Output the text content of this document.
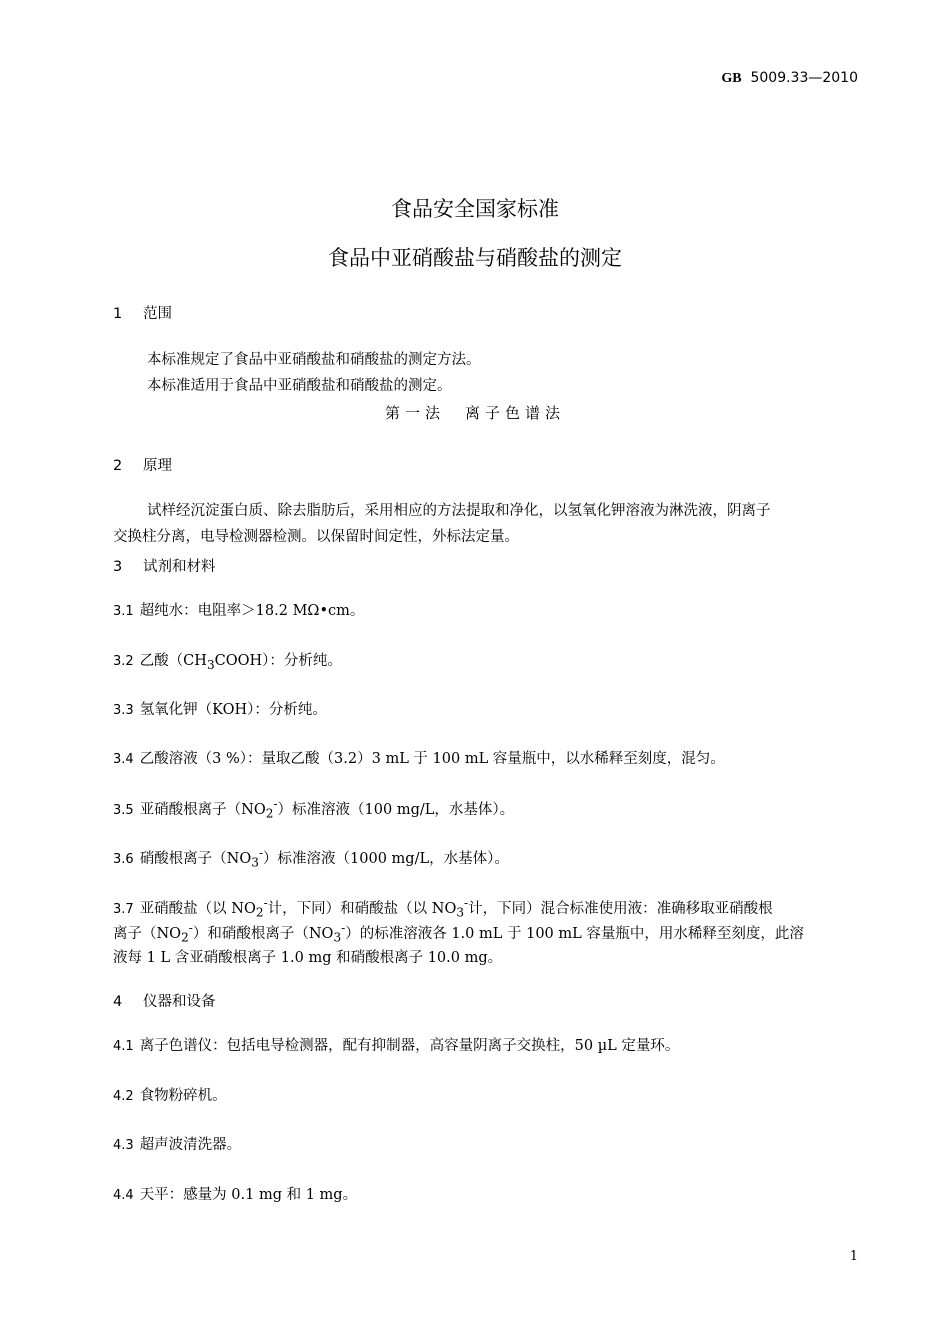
GB 5009.33—2010
食品安全国家标准
食品中亚硝酸盐与硝酸盐的测定
1 范围
本标准规定了食品中亚硝酸盐和硝酸盐的测定方法。
本标准适用于食品中亚硝酸盐和硝酸盐的测定。
第一法　离子色谱法
2 原理
试样经沉淀蛋白质、除去脂肪后，采用相应的方法提取和净化，以氢氧化钾溶液为淋洗液，阴离子
交换柱分离，电导检测器检测。以保留时间定性，外标法定量。
3 试剂和材料
3.1 超纯水：电阻率＞18.2 MΩ•cm。
3.2 乙酸$(CH_3COOH)$：分析纯。
3.3 氢氧化钾（KOH）：分析纯。
3.4 乙酸溶液（3 %）：量取乙酸（3.2）3 mL 于 100 mL 容量瓶中，以水稀释至刻度，混匀。
3.5 亚硝酸根离子$(NO_2^-)$标准溶液（100 mg/L，水基体）。
3.6 硝酸根离子$(NO_3^-)$标准溶液（1000 mg/L，水基体）。
3.7 亚硝酸盐（以 $NO_2^-$计，下同）和硝酸盐（以 $NO_3^-$计，下同）混合标准使用液：准确移取亚硝酸根
离子$(NO_2^-)$和硝酸根离子$(NO_3^-)$的标准溶液各 1.0 mL 于 100 mL 容量瓶中，用水稀释至刻度，此溶
液每 1 L 含亚硝酸根离子 1.0 mg 和硝酸根离子 10.0 mg。
4 仪器和设备
4.1 离子色谱仪：包括电导检测器，配有抑制器，高容量阴离子交换柱，50 µL 定量环。
4.2 食物粉碎机。
4.3 超声波清洗器。
4.4 天平：感量为 0.1 mg 和 1 mg。
1
